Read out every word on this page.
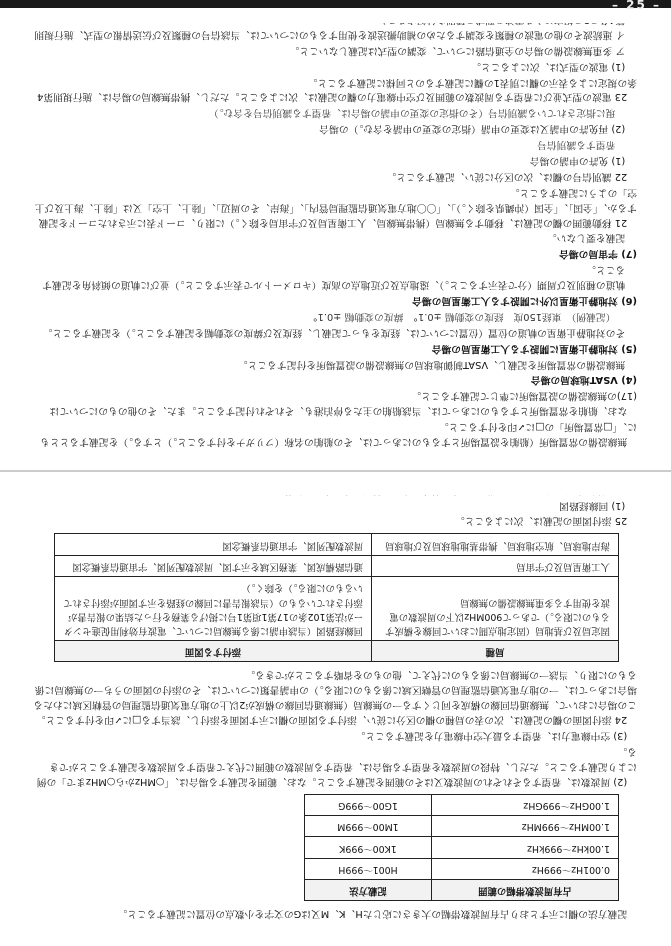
– 25 –

無線設備の常置場所（船舶を設置場所とするものにあっては、その船舶の名称（フリガナを付すること。）とする。）を記載するとともに、「□常置場所」の□に✓印を付すること。

なお、船舶を常置場所とするものにあっては、当該船舶の主たる停泊港も、それぞれ付記すること。また、その他のものについては(17)の無線設備の設置場所に準じて記載すること。

(4) VSAT地球局の場合

無線設備の常置場所を記載し、VSAT制御地球局の無線設備の設置場所を付記すること。

(5) 対地静止衛星に開設する人工衛星局の場合

その対地静止衛星の軌道の位置（位置については、経度をもって記載し、経度及び緯度の変動幅を記載すること。）を記載すること。

（記載例）　東経150度　経度の変動幅 ±0.1°　緯度の変動幅 ±0.1°

(6) 対地静止衛星以外に開設する人工衛星局の場合

軌道の種別及び周期（分で表示すること。）、遠地点及び近地点の高度（キロメートルで表示すること。）並びに軌道の傾斜角を記載すること。

(7) 宇宙局の場合

記載を要しない。

21 移動範囲の欄の記載は、移動する無線局（携帯無線局、人工衛星局及び宇宙局を除く。）に限り、コード表に示されたコードを記載するか、「全国」、「全国（沖縄県を除く。）」、「〇〇地方電気通信監理局管内」、「海岸、その周辺」、「陸上、上空」又は「陸上、海上及び上空」のように記載すること。

22 識別信号の欄は、次の区分に従い、記載すること。

(1) 免許の申請の場合

希望する識別信号

(2) 再免許の申請又は変更の申請（指定の変更の申請を含む。）の場合

現に指定されている識別信号（その指定の変更の申請の場合は、希望する識別信号を含む。）

23 電波の型式並びに希望する周波数の範囲及び空中線電力の欄の記載は、次によること。ただし、携帯無線局の場合は、施行規則第4条の規定による表示の欄に別表1の欄に記載するのと同様に記載すること。

(1) 電波の型式は、次によること。

ア 多重無線設備の場合の全通信路について、変調の型式は記載しないこと。

イ 連続波その他の電波の種類を変調するための補助搬送波を使用するものについては、当該信号の種類及び伝送情報の型式、施行規則

記載方法の欄に示すとおり占有周波数帯幅の大きさに応じたH、K、M又はGの文字を小数点の位置に記載すること。

占有周波数帯幅の範囲	記載方法
0.001Hz〜999Hz	H001〜999H
1.00kHz〜999kHz	1K00〜999K
1.00MHz〜999MHz	1M00〜999M
1.00GHz〜999GHz	1G00〜999G

(2) 周波数は、希望するそれぞれの周波数又はその範囲を記載すること。なお、範囲を記載する場合は、「○MHzから○MHzまで」の例により記載すること。ただし、特段の周波数を希望する場合は、希望する周波数の範囲に代えて希望する周波数を記載することができる。

(3) 空中線電力は、希望する最大空中線電力を記載すること。

24 添付図面の欄の記載は、次の表の局種の欄の区分に従い、添付する図面の欄に示す図面を添付し、該当する□に✓印を付すること。この場合において、無線通信回線の構成を同じくする一の無線局（無線通信回線の構成が2以上の地方電気通信監理局の管轄区域にわたる場合にあっては、一の地方電気通信監理局の管轄区域に係るものに限る。）の申請書類については、その添付の図面のうち一の無線局に係るものに限り、当該一の無線局に係るものに代えて、他のものを省略することができる。

局種	添付する図面
固定局及び基地局（固定地点間において回線を構成するものに限る。）であって900MHz以下の周波数の電波を使用する多重無線設備の無線局	回線経路図（当該申請に係る無線局について、電波有効利用促進センターが法第102条の17第1項第1号に掲げる業務を行った結果の報告書が添付されているもの（当該報告書に回線の経路を示す図面が添付されているものに限る。）を除く。）
人工衛星局及び宇宙局	通信路構成図、業務区域を示す図、周波数配列図、宇宙通信系概念図
海岸地球局、航空地球局、携帯基地地球局及び地球局	周波数配列図、宇宙通信系概念図

25 添付図面の記載は、次によること。

(1) 回線経路図
